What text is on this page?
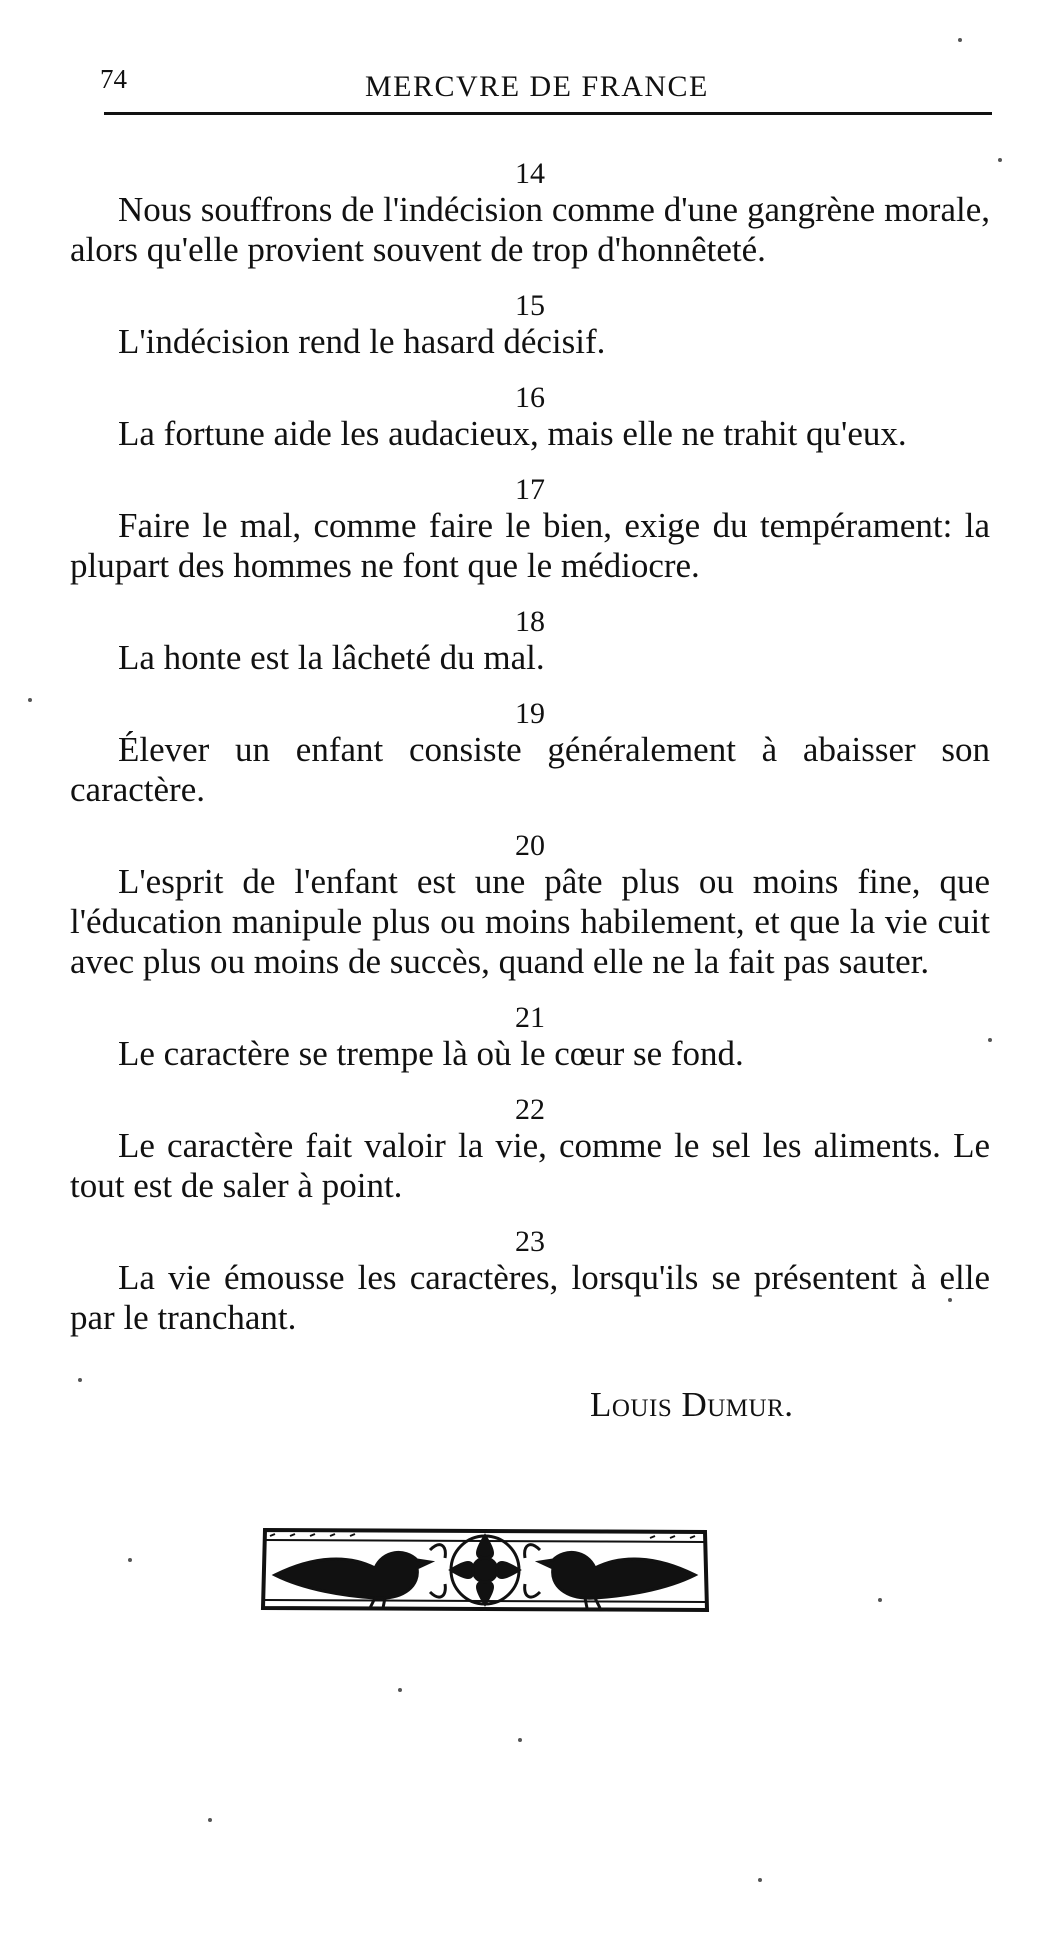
74	MERCVRE DE FRANCE
14

Nous souffrons de l'indécision comme d'une gangrène morale, alors qu'elle provient souvent de trop d'honnêteté.

15

L'indécision rend le hasard décisif.

16

La fortune aide les audacieux, mais elle ne trahit qu'eux.

17

Faire le mal, comme faire le bien, exige du tempérament: la plupart des hommes ne font que le médiocre.

18

La honte est la lâcheté du mal.

19

Élever un enfant consiste généralement à abaisser son caractère.

20

L'esprit de l'enfant est une pâte plus ou moins fine, que l'éducation manipule plus ou moins habilement, et que la vie cuit avec plus ou moins de succès, quand elle ne la fait pas sauter.

21

Le caractère se trempe là où le cœur se fond.

22

Le caractère fait valoir la vie, comme le sel les aliments. Le tout est de saler à point.

23

La vie émousse les caractères, lorsqu'ils se présentent à elle par le tranchant.

Louis Dumur.
